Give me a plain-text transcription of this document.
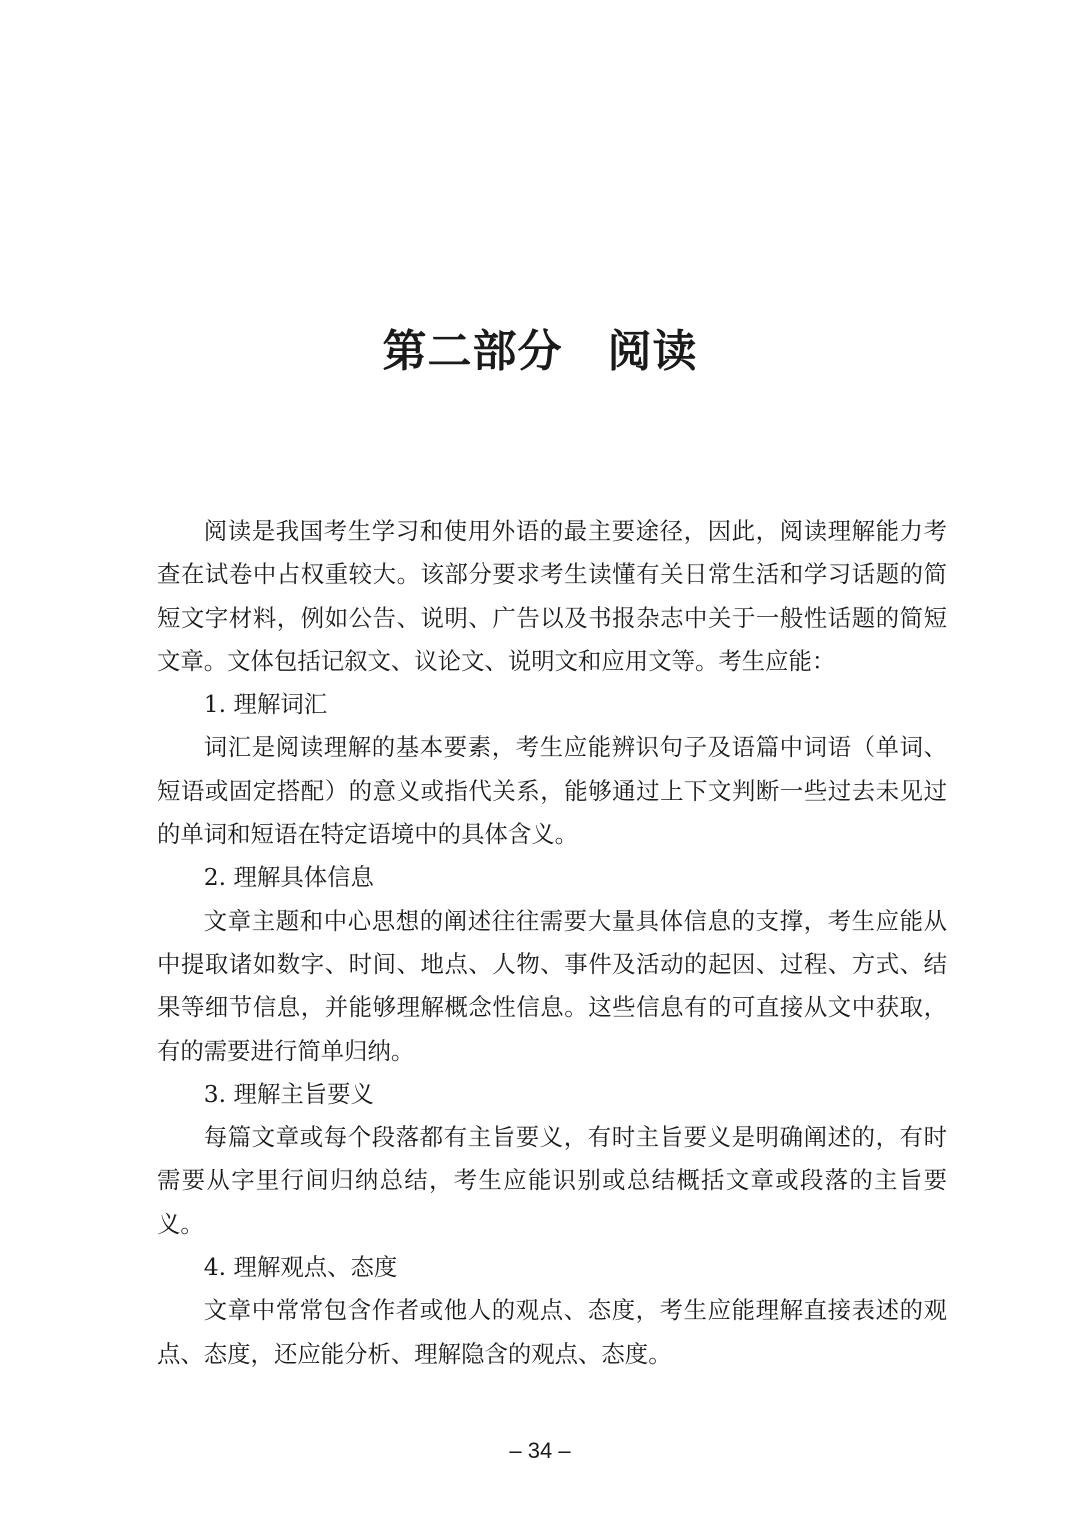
第二部分　阅读

阅读是我国考生学习和使用外语的最主要途径，因此，阅读理解能力考查在试卷中占权重较大。该部分要求考生读懂有关日常生活和学习话题的简短文字材料，例如公告、说明、广告以及书报杂志中关于一般性话题的简短文章。文体包括记叙文、议论文、说明文和应用文等。考生应能：

1. 理解词汇

词汇是阅读理解的基本要素，考生应能辨识句子及语篇中词语（单词、短语或固定搭配）的意义或指代关系，能够通过上下文判断一些过去未见过的单词和短语在特定语境中的具体含义。

2. 理解具体信息

文章主题和中心思想的阐述往往需要大量具体信息的支撑，考生应能从中提取诸如数字、时间、地点、人物、事件及活动的起因、过程、方式、结果等细节信息，并能够理解概念性信息。这些信息有的可直接从文中获取，有的需要进行简单归纳。

3. 理解主旨要义

每篇文章或每个段落都有主旨要义，有时主旨要义是明确阐述的，有时需要从字里行间归纳总结，考生应能识别或总结概括文章或段落的主旨要义。

4. 理解观点、态度

文章中常常包含作者或他人的观点、态度，考生应能理解直接表述的观点、态度，还应能分析、理解隐含的观点、态度。

– 34 –
